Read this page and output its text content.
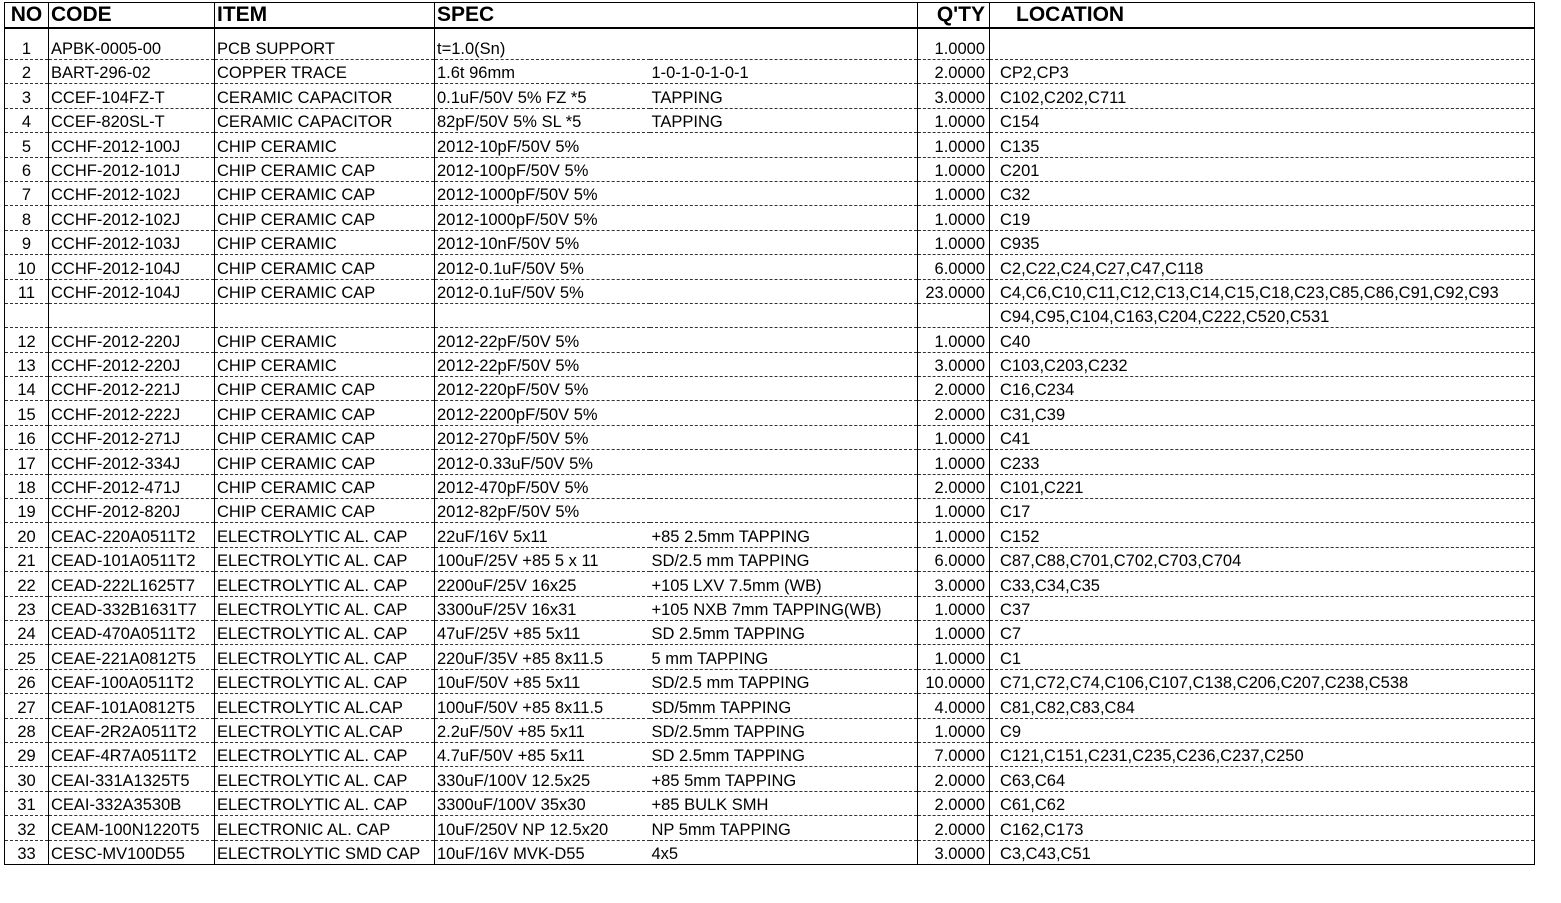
NO	CODE	ITEM	SPEC		Q'TY	LOCATION
1	APBK-0005-00	PCB SUPPORT	t=1.0(Sn)		1.0000	
2	BART-296-02	COPPER TRACE	1.6t 96mm	1-0-1-0-1-0-1	2.0000	CP2,CP3
3	CCEF-104FZ-T	CERAMIC CAPACITOR	0.1uF/50V 5% FZ *5	TAPPING	3.0000	C102,C202,C711
4	CCEF-820SL-T	CERAMIC CAPACITOR	82pF/50V 5% SL *5	TAPPING	1.0000	C154
5	CCHF-2012-100J	CHIP CERAMIC	2012-10pF/50V 5%		1.0000	C135
6	CCHF-2012-101J	CHIP CERAMIC CAP	2012-100pF/50V 5%		1.0000	C201
7	CCHF-2012-102J	CHIP CERAMIC CAP	2012-1000pF/50V 5%		1.0000	C32
8	CCHF-2012-102J	CHIP CERAMIC CAP	2012-1000pF/50V 5%		1.0000	C19
9	CCHF-2012-103J	CHIP CERAMIC	2012-10nF/50V 5%		1.0000	C935
10	CCHF-2012-104J	CHIP CERAMIC CAP	2012-0.1uF/50V 5%		6.0000	C2,C22,C24,C27,C47,C118
11	CCHF-2012-104J	CHIP CERAMIC CAP	2012-0.1uF/50V 5%		23.0000	C4,C6,C10,C11,C12,C13,C14,C15,C18,C23,C85,C86,C91,C92,C93
						C94,C95,C104,C163,C204,C222,C520,C531
12	CCHF-2012-220J	CHIP CERAMIC	2012-22pF/50V 5%		1.0000	C40
13	CCHF-2012-220J	CHIP CERAMIC	2012-22pF/50V 5%		3.0000	C103,C203,C232
14	CCHF-2012-221J	CHIP CERAMIC CAP	2012-220pF/50V 5%		2.0000	C16,C234
15	CCHF-2012-222J	CHIP CERAMIC CAP	2012-2200pF/50V 5%		2.0000	C31,C39
16	CCHF-2012-271J	CHIP CERAMIC CAP	2012-270pF/50V 5%		1.0000	C41
17	CCHF-2012-334J	CHIP CERAMIC CAP	2012-0.33uF/50V 5%		1.0000	C233
18	CCHF-2012-471J	CHIP CERAMIC CAP	2012-470pF/50V 5%		2.0000	C101,C221
19	CCHF-2012-820J	CHIP CERAMIC CAP	2012-82pF/50V 5%		1.0000	C17
20	CEAC-220A0511T2	ELECTROLYTIC AL. CAP	22uF/16V 5x11	+85 2.5mm TAPPING	1.0000	C152
21	CEAD-101A0511T2	ELECTROLYTIC AL. CAP	100uF/25V +85 5 x 11	SD/2.5 mm TAPPING	6.0000	C87,C88,C701,C702,C703,C704
22	CEAD-222L1625T7	ELECTROLYTIC AL. CAP	2200uF/25V 16x25	+105 LXV 7.5mm (WB)	3.0000	C33,C34,C35
23	CEAD-332B1631T7	ELECTROLYTIC AL. CAP	3300uF/25V 16x31	+105 NXB 7mm TAPPING(WB)	1.0000	C37
24	CEAD-470A0511T2	ELECTROLYTIC AL. CAP	47uF/25V +85 5x11	SD 2.5mm TAPPING	1.0000	C7
25	CEAE-221A0812T5	ELECTROLYTIC AL. CAP	220uF/35V +85 8x11.5	5 mm TAPPING	1.0000	C1
26	CEAF-100A0511T2	ELECTROLYTIC AL. CAP	10uF/50V +85 5x11	SD/2.5 mm TAPPING	10.0000	C71,C72,C74,C106,C107,C138,C206,C207,C238,C538
27	CEAF-101A0812T5	ELECTROLYTIC AL.CAP	100uF/50V +85 8x11.5	SD/5mm TAPPING	4.0000	C81,C82,C83,C84
28	CEAF-2R2A0511T2	ELECTROLYTIC AL.CAP	2.2uF/50V +85 5x11	SD/2.5mm TAPPING	1.0000	C9
29	CEAF-4R7A0511T2	ELECTROLYTIC AL. CAP	4.7uF/50V +85 5x11	SD 2.5mm TAPPING	7.0000	C121,C151,C231,C235,C236,C237,C250
30	CEAI-331A1325T5	ELECTROLYTIC AL. CAP	330uF/100V 12.5x25	+85 5mm TAPPING	2.0000	C63,C64
31	CEAI-332A3530B	ELECTROLYTIC AL. CAP	3300uF/100V 35x30	+85 BULK SMH	2.0000	C61,C62
32	CEAM-100N1220T5	ELECTRONIC AL. CAP	10uF/250V NP 12.5x20	NP 5mm TAPPING	2.0000	C162,C173
33	CESC-MV100D55	ELECTROLYTIC SMD CAP	10uF/16V MVK-D55	4x5	3.0000	C3,C43,C51
